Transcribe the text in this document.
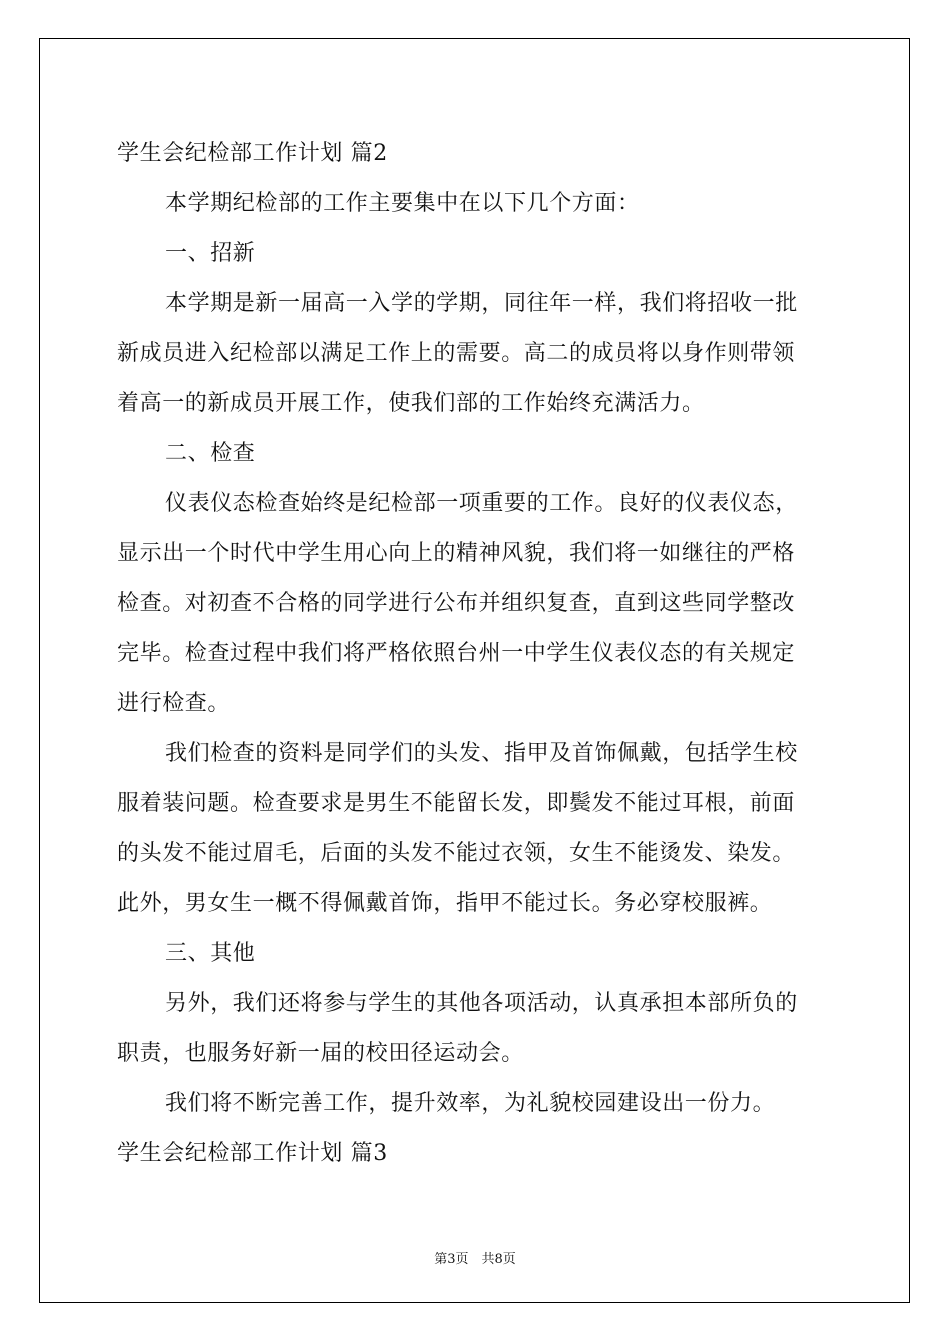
学生会纪检部工作计划 篇2
本学期纪检部的工作主要集中在以下几个方面：
一、招新
本学期是新一届高一入学的学期，同往年一样，我们将招收一批
新成员进入纪检部以满足工作上的需要。高二的成员将以身作则带领
着高一的新成员开展工作，使我们部的工作始终充满活力。
二、检查
仪表仪态检查始终是纪检部一项重要的工作。良好的仪表仪态，
显示出一个时代中学生用心向上的精神风貌，我们将一如继往的严格
检查。对初查不合格的同学进行公布并组织复查，直到这些同学整改
完毕。检查过程中我们将严格依照台州一中学生仪表仪态的有关规定
进行检查。
我们检查的资料是同学们的头发、指甲及首饰佩戴，包括学生校
服着装问题。检查要求是男生不能留长发，即鬓发不能过耳根，前面
的头发不能过眉毛，后面的头发不能过衣领，女生不能烫发、染发。
此外，男女生一概不得佩戴首饰，指甲不能过长。务必穿校服裤。
三、其他
另外，我们还将参与学生的其他各项活动，认真承担本部所负的
职责，也服务好新一届的校田径运动会。
我们将不断完善工作，提升效率，为礼貌校园建设出一份力。
学生会纪检部工作计划 篇3
第3页　共8页
